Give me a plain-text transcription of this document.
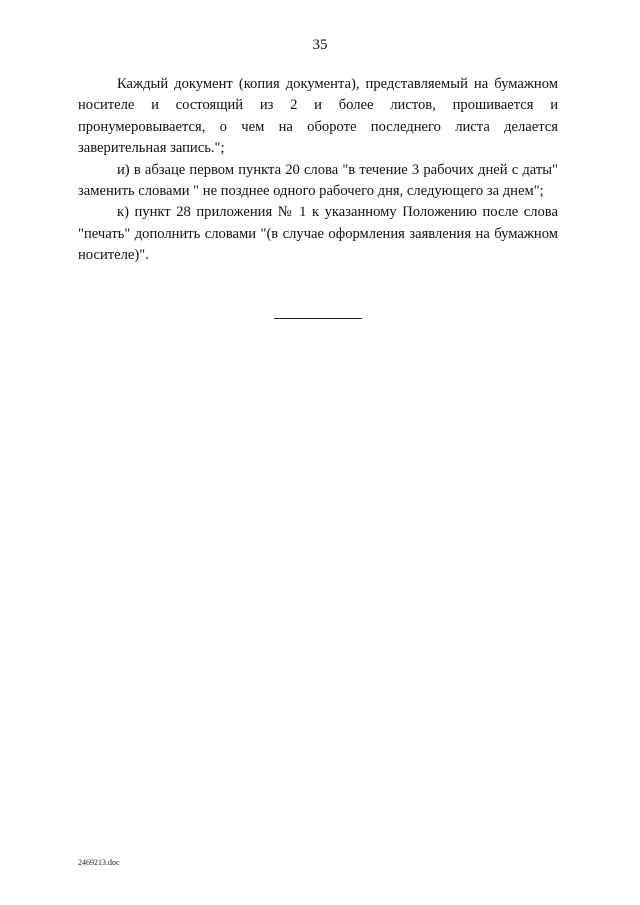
35

Каждый документ (копия документа), представляемый на бумажном носителе и состоящий из 2 и более листов, прошивается и пронумеровывается, о чем на обороте последнего листа делается заверительная запись.";

и) в абзаце первом пункта 20 слова "в течение 3 рабочих дней с даты" заменить словами " не позднее одного рабочего дня, следующего за днем";

к) пункт 28 приложения № 1 к указанному Положению после слова "печать" дополнить словами "(в случае оформления заявления на бумажном носителе)".

2469213.doc
